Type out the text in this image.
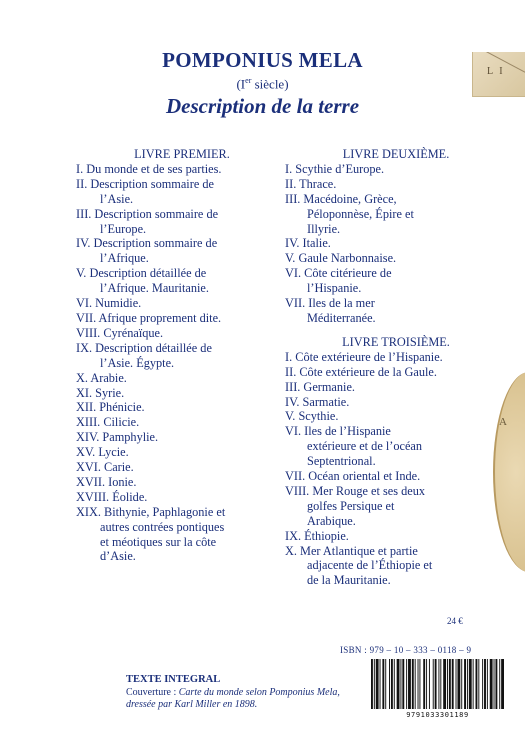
L I
A
POMPONIUS MELA
(Ier siècle)
Description de la terre
LIVRE PREMIER.
I. Du monde et de ses parties.
II. Description sommaire de
l’Asie.
III. Description sommaire de
l’Europe.
IV. Description sommaire de
l’Afrique.
V. Description détaillée de
l’Afrique. Mauritanie.
VI. Numidie.
VII. Afrique proprement dite.
VIII. Cyrénaïque.
IX. Description détaillée de
l’Asie. Égypte.
X. Arabie.
XI. Syrie.
XII. Phénicie.
XIII. Cilicie.
XIV. Pamphylie.
XV. Lycie.
XVI. Carie.
XVII. Ionie.
XVIII. Éolide.
XIX. Bithynie, Paphlagonie et
autres contrées pontiques
et méotiques sur la côte
d’Asie.
LIVRE DEUXIÈME.
I. Scythie d’Europe.
II. Thrace.
III. Macédoine, Grèce,
Péloponnèse, Épire et
Illyrie.
IV. Italie.
V. Gaule Narbonnaise.
VI. Côte citérieure de
l’Hispanie.
VII. Iles de la mer
Méditerranée.
LIVRE TROISIÈME.
I. Côte extérieure de l’Hispanie.
II. Côte extérieure de la Gaule.
III. Germanie.
IV. Sarmatie.
V. Scythie.
VI. Iles de l’Hispanie
extérieure et de l’océan
Septentrional.
VII. Océan oriental et Inde.
VIII. Mer Rouge et ses deux
golfes Persique et
Arabique.
IX. Éthiopie.
X. Mer Atlantique et partie
adjacente de l’Éthiopie et
de la Mauritanie.
24 €
ISBN : 979 – 10 – 333 – 0118 – 9
9791033301189
TEXTE INTEGRAL
Couverture : Carte du monde selon Pomponius Mela,
dressée par Karl Miller en 1898.
